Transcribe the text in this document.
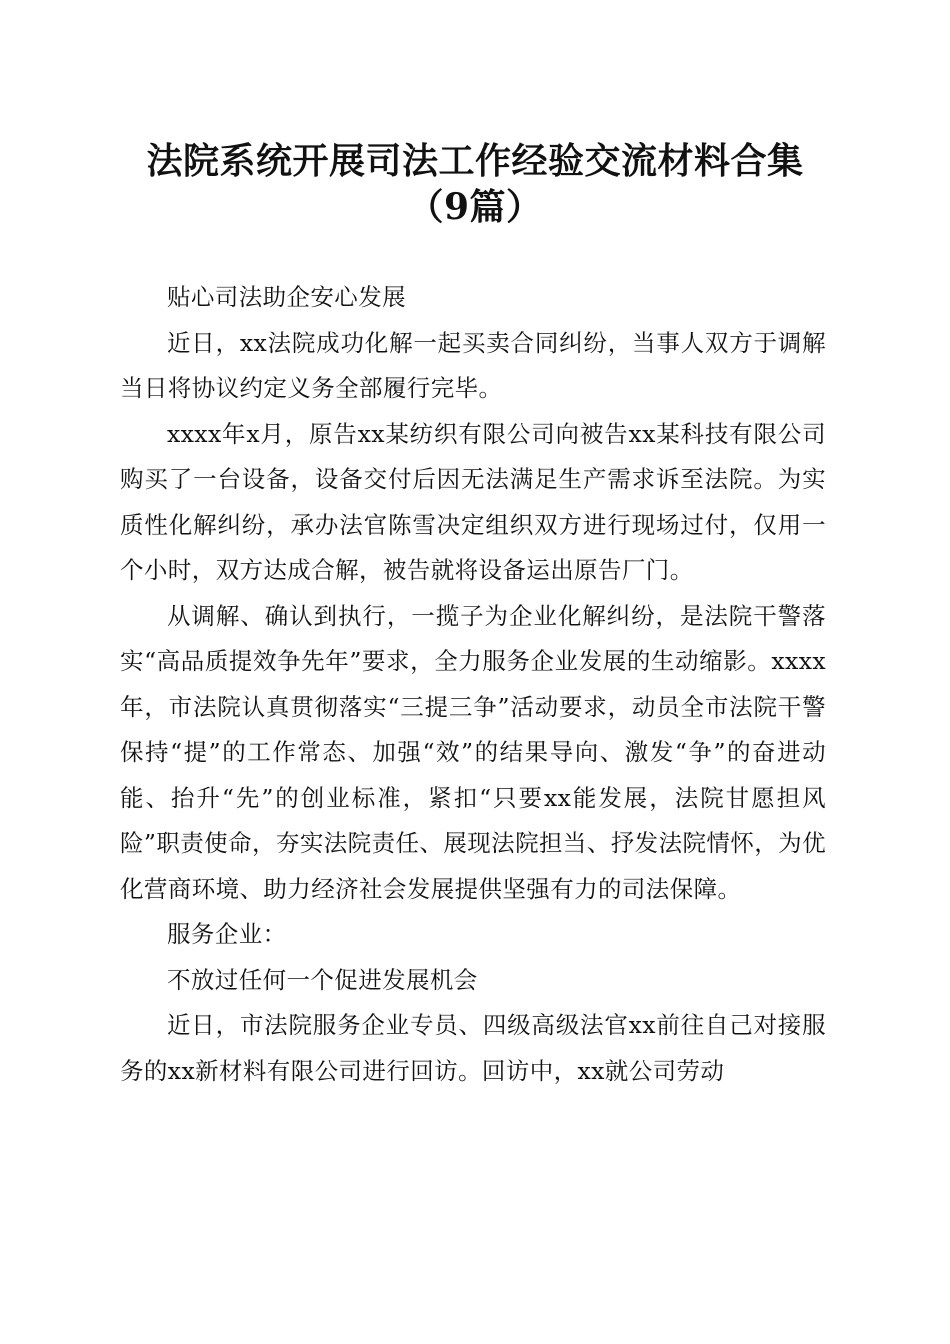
法院系统开展司法工作经验交流材料合集（9篇）

贴心司法助企安心发展

近日，xx法院成功化解一起买卖合同纠纷，当事人双方于调解当日将协议约定义务全部履行完毕。

xxxx年x月，原告xx某纺织有限公司向被告xx某科技有限公司购买了一台设备，设备交付后因无法满足生产需求诉至法院。为实质性化解纠纷，承办法官陈雪决定组织双方进行现场过付，仅用一个小时，双方达成合解，被告就将设备运出原告厂门。

从调解、确认到执行，一揽子为企业化解纠纷，是法院干警落实“高品质提效争先年”要求，全力服务企业发展的生动缩影。xxxx年，市法院认真贯彻落实“三提三争”活动要求，动员全市法院干警保持“提”的工作常态、加强“效”的结果导向、激发“争”的奋进动能、抬升“先”的创业标准，紧扣“只要xx能发展，法院甘愿担风险”职责使命，夯实法院责任、展现法院担当、抒发法院情怀，为优化营商环境、助力经济社会发展提供坚强有力的司法保障。

服务企业：

不放过任何一个促进发展机会

近日，市法院服务企业专员、四级高级法官xx前往自己对接服务的xx新材料有限公司进行回访。回访中，xx就公司劳动
